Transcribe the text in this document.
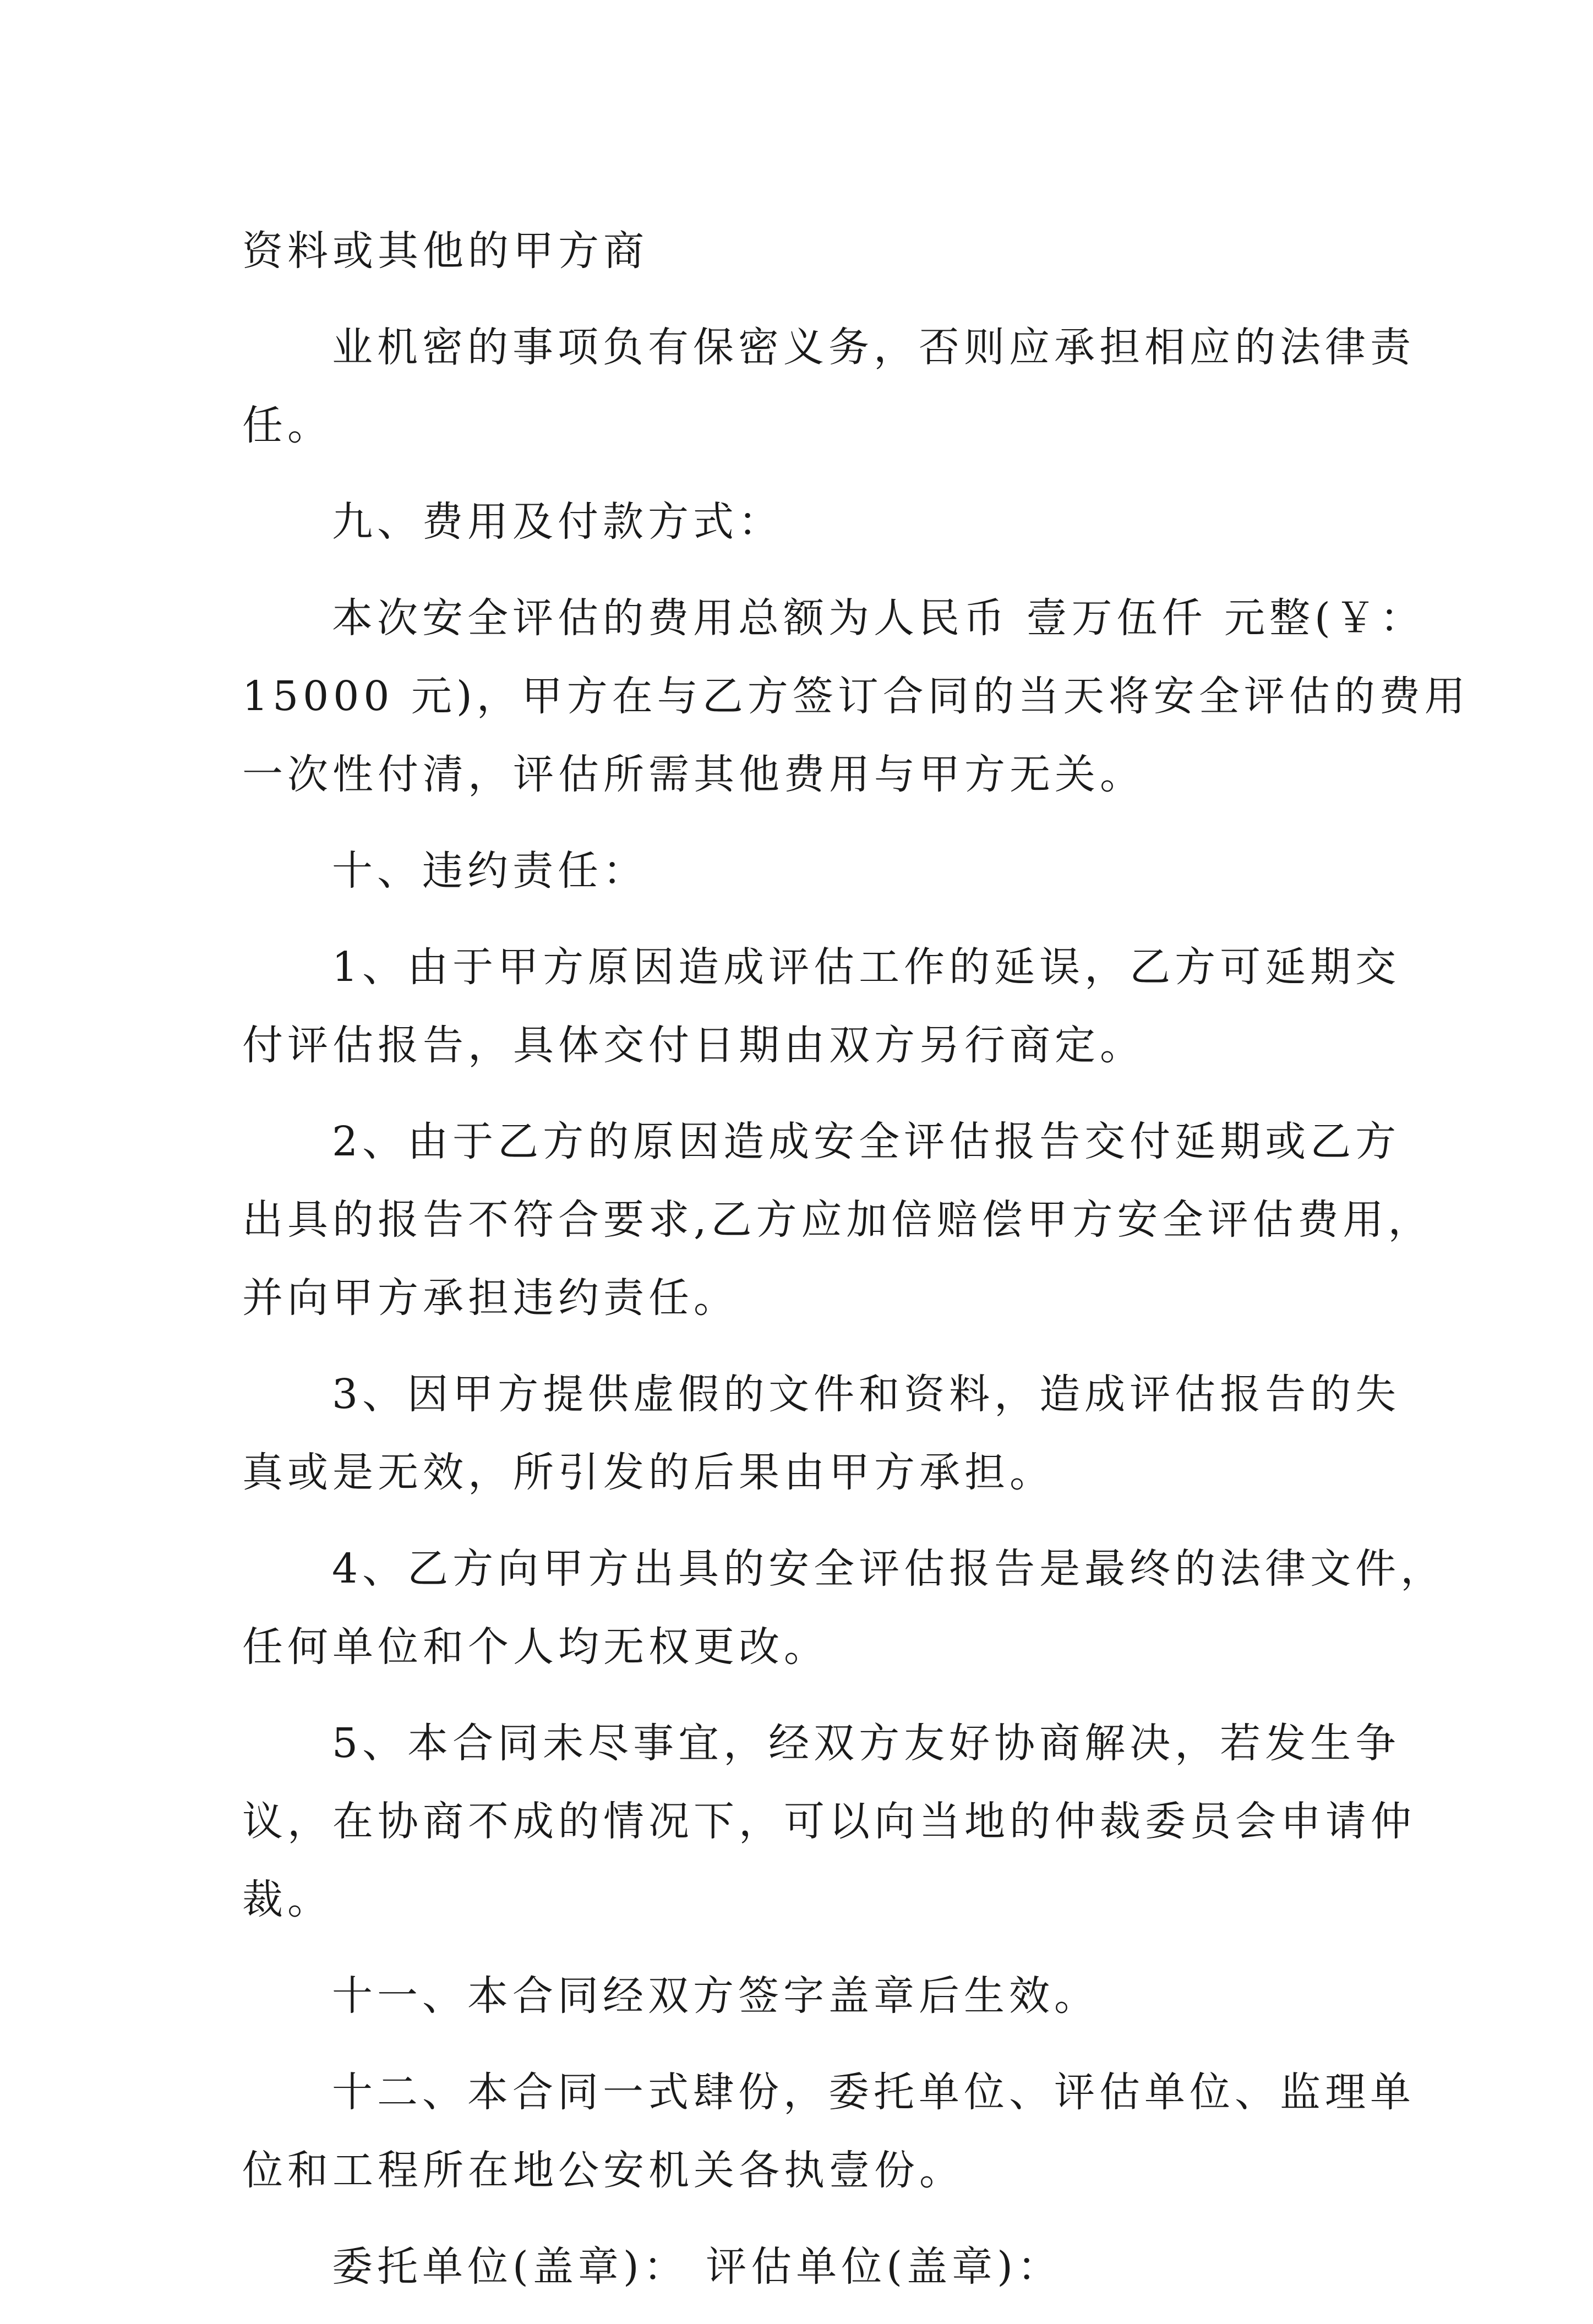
资料或其他的甲方商
业机密的事项负有保密义务，否则应承担相应的法律责
任。
九、费用及付款方式：
本次安全评估的费用总额为人民币 壹万伍仟 元整(￥：
15000 元)，甲方在与乙方签订合同的当天将安全评估的费用
一次性付清，评估所需其他费用与甲方无关。
十、违约责任：
1、由于甲方原因造成评估工作的延误，乙方可延期交
付评估报告，具体交付日期由双方另行商定。
2、由于乙方的原因造成安全评估报告交付延期或乙方
出具的报告不符合要求,乙方应加倍赔偿甲方安全评估费用，
并向甲方承担违约责任。
3、因甲方提供虚假的文件和资料，造成评估报告的失
真或是无效，所引发的后果由甲方承担。
4、乙方向甲方出具的安全评估报告是最终的法律文件，
任何单位和个人均无权更改。
5、本合同未尽事宜，经双方友好协商解决，若发生争
议，在协商不成的情况下，可以向当地的仲裁委员会申请仲
裁。
十一、本合同经双方签字盖章后生效。
十二、本合同一式肆份，委托单位、评估单位、监理单
位和工程所在地公安机关各执壹份。
委托单位(盖章)： 评估单位(盖章)：
